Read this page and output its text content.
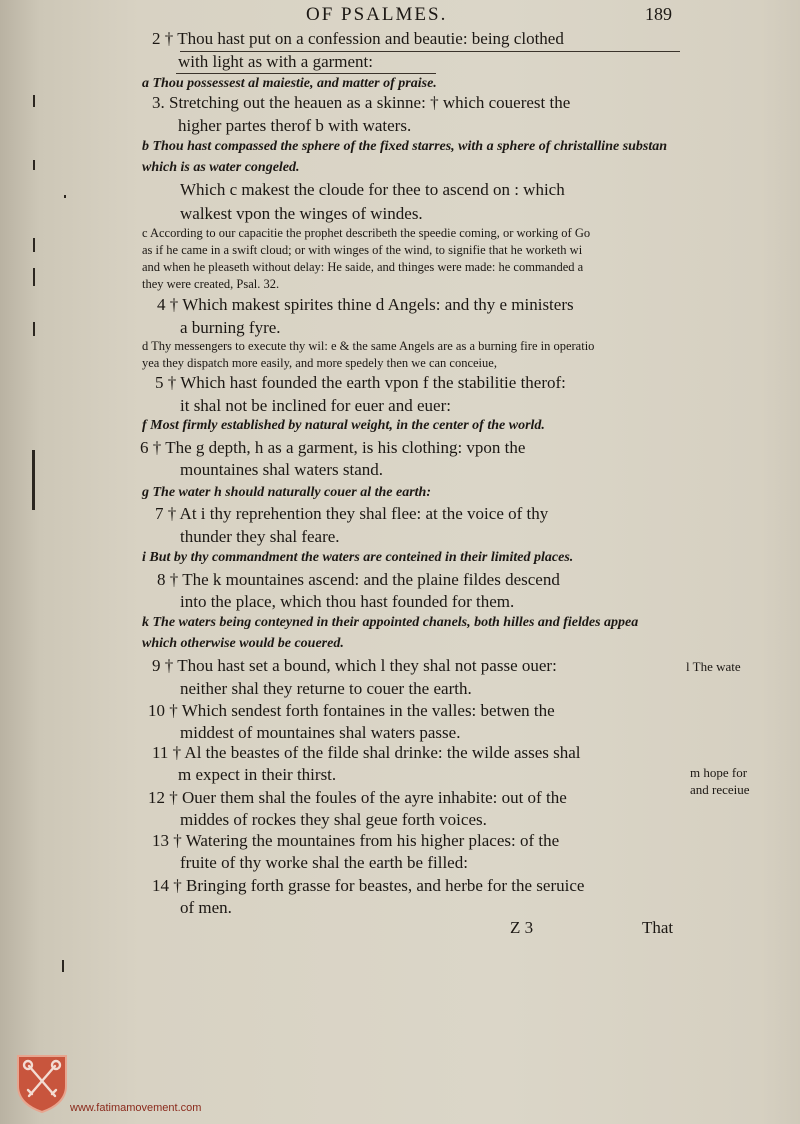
OF PSALMES.	189
2 † Thou hast put on a confession and beautie: being clothed
with light as with a garment:
a Thou possessest al maiestie, and matter of praise.
3. Stretching out the heauen as a skinne: † which couerest the
higher partes therof b with waters.
b Thou hast compassed the sphere of the fixed starres, with a sphere of christalline substan
which is as water congeled.
Which c makest the cloude for thee to ascend on : which
walkest vpon the winges of windes.
c According to our capacitie the prophet describeth the speedie coming, or working of Go
as if he came in a swift cloud; or with winges of the wind, to signifie that he worketh wi
and when he pleaseth without delay: He saide, and thinges were made: he commanded a
they were created, Psal. 32.
4 † Which makest spirites thine d Angels: and thy e ministers
a burning fyre.
d Thy messengers to execute thy wil: e & the same Angels are as a burning fire in operatio
yea they dispatch more easily, and more spedely then we can conceiue,
5 † Which hast founded the earth vpon f the stabilitie therof:
it shal not be inclined for euer and euer:
f Most firmly established by natural weight, in the center of the world.
6 † The g depth, h as a garment, is his clothing: vpon the
mountaines shal waters stand.
g The water h should naturally couer al the earth:
7 † At i thy reprehention they shal flee: at the voice of thy
thunder they shal feare.
i But by thy commandment the waters are conteined in their limited places.
8 † The k mountaines ascend: and the plaine fildes descend
into the place, which thou hast founded for them.
k The waters being conteyned in their appointed chanels, both hilles and fieldes appea
which otherwise would be couered.
9 † Thou hast set a bound, which l they shal not passe ouer:	l The wate
neither shal they returne to couer the earth.
10 † Which sendest forth fontaines in the valles: betwen the
middest of mountaines shal waters passe.
11 † Al the beastes of the filde shal drinke: the wilde asses shal
m expect in their thirst.	m hope for
and receiue
12 † Ouer them shal the foules of the ayre inhabite: out of the
middes of rockes they shal geue forth voices.
13 † Watering the mountaines from his higher places: of the
fruite of thy worke shal the earth be filled:
14 † Bringing forth grasse for beastes, and herbe for the seruice
of men.
Z 3	That
www.fatimamovement.com
